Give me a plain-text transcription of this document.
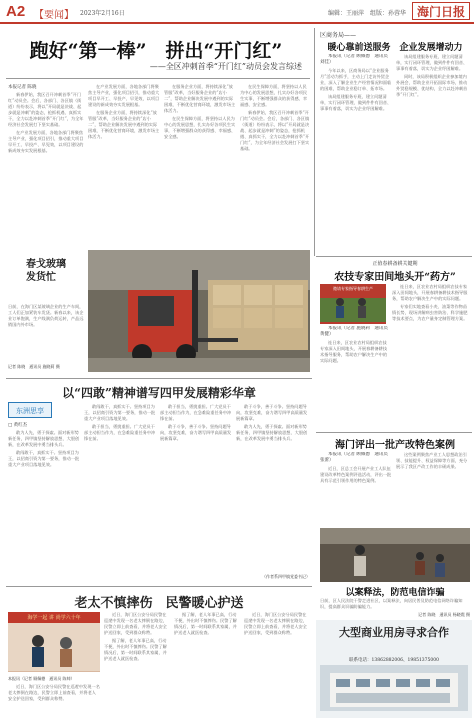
A2 【要闻】 2023年2月16日	编辑：王丽萍　组版：孙蓉华 海门日报
跑好“第一棒”　拼出“开门红”
——全区冲刺首季“开门红”动员会发言综述
本报记者 陈晓

新春伊始，我区召开冲刺首季“开门红”动员会。会后，各部门、各区镇（街道）纷纷表示，将以“开局就是决战、起步就是冲刺”的姿态，抢抓机遇、真抓实干，全力以赴冲刺首季“开门红”，为全年经济社会发展打下坚实基础。

在产业发展方面，各地各部门将聚焦主导产业，强化项目招引，推动重大项目早开工、早投产、早见效，以项目建设的新成效夯实发展根基。

在产业发展方面，各地各部门将聚焦主导产业，强化项目招引，推动重大项目早开工、早投产、早见效，以项目建设的新成效夯实发展根基。

在服务企业方面，将持续深化“放管服”改革，当好服务企业的“店小二”，帮助企业解决发展中遇到的实际困难，不断优化营商环境，激发市场主体活力。

在服务企业方面，将持续深化“放管服”改革，当好服务企业的“店小二”，帮助企业解决发展中遇到的实际困难，不断优化营商环境，激发市场主体活力。

在民生保障方面，将坚持以人民为中心的发展思想，扎实办好各项民生实事，不断增强群众的获得感、幸福感、安全感。

在民生保障方面，将坚持以人民为中心的发展思想，扎实办好各项民生实事，不断增强群众的获得感、幸福感、安全感。

新春伊始，我区召开冲刺首季“开门红”动员会。会后，各部门、各区镇（街道）纷纷表示，将以“开局就是决战、起步就是冲刺”的姿态，抢抓机遇、真抓实干，全力以赴冲刺首季“开门红”，为全年经济社会发展打下坚实基础。

春戈玻璃发货忙
日前，在海门区某玻璃企业的生产车间，工人们正加紧装车发货。新春以来，该企业订单饱满，生产线满负荷运转，产品远销国内外市场。
记者 陈晓　通讯员 施晓莉 摄
区商务局——
暖心靠前送服务　企业发展增动力

本报讯（记者 顾佩德　通讯员 刘佳）

今年以来，区商务局以“企业服务月”活动为抓手，主动上门走访外贸企业，深入了解企业生产经营情况和面临的困难，帮助企业稳订单、拓市场。

该局组建服务专班，建立问题清单，实行闭环管理，做到件件有回音、事事有着落，切实为企业纾困解难。

该局组建服务专班，建立问题清单，实行闭环管理，做到件件有回音、事事有着落，切实为企业纾困解难。

同时，该局积极组织企业参加境内外展会，帮助企业开拓国际市场，推动外贸稳规模、优结构，全力以赴冲刺首季“开门红”。

正值春耕备耕关键期
农技专家田间地头开“药方”
邀请专家指导春耕生产

本报讯（记者 施晓莉　通讯员 黄健）

连日来，区农业农村局组织农技专家深入田间地头，开展春耕备耕技术指导服务，帮助农户解决生产中的实际问题。

连日来，区农业农村局组织农技专家深入田间地头，开展春耕备耕技术指导服务，帮助农户解决生产中的实际问题。

专家们实地查看小麦、油菜等作物苗情长势，现场讲解病虫害防治、科学施肥等技术要点，为农户量身定制管理方案。

海门评出一批产改特色案例

本报讯（记者 顾佩德　通讯员 张蕾）

近日，区总工会开展产业工人队伍建设改革特色案例评选活动，评出一批具有示范引领作用的特色案例。

这些案例聚焦产业工人思想政治引领、技能提升、权益保障等方面，充分展示了我区产改工作的丰硕成果。

以案释法，防范电信诈骗
日前，区人民法院干警走进社区，以案释法，向居民普及防范电信网络诈骗知识，提高群众识骗防骗能力。
记者 陈晓　通讯员 杨晓霞 摄
以“四敢”精神谱写四甲发展精彩华章
东洲思享
□ 黄红杰

敢为人先，勇于探索。面对新形势新任务，四甲镇坚持解放思想、大胆创新，在改革发展中勇当排头兵。

敢闯敢干，真抓实干。坚持项目为王，以招商引资为第一要务，推动一批重大产业项目落地见效。

敢闯敢干，真抓实干。坚持项目为王，以招商引资为第一要务，推动一批重大产业项目落地见效。

敢于担当，勇挑重担。广大党员干部主动担当作为，在急难险重任务中冲锋在前。

敢于担当，勇挑重担。广大党员干部主动担当作为，在急难险重任务中冲锋在前。

敢于斗争，善于斗争。坚持问题导向，攻坚克难，奋力谱写四甲高质量发展新篇章。

敢于斗争，善于斗争。坚持问题导向，攻坚克难，奋力谱写四甲高质量发展新篇章。

敢为人先，勇于探索。面对新形势新任务，四甲镇坚持解放思想、大胆创新，在改革发展中勇当排头兵。

（作者系四甲镇党委书记）
老太不慎摔伤　民警暖心护送
海学一起 讲 尚学六十年
本报讯（记者 顾佩德　通讯员 陈帅）

近日，海门区公安分局民警在巡逻中发现一名老太摔倒在路边，民警立即上前查看，并将老人安全护送回家，受到群众称赞。

近日，海门区公安分局民警在巡逻中发现一名老太摔倒在路边，民警立即上前查看，并将老人安全护送回家，受到群众称赞。

据了解，老人年事已高，行动不便，外出时不慎摔伤。民警了解情况后，第一时间联系其家属，并护送老人就医检查。

据了解，老人年事已高，行动不便，外出时不慎摔伤。民警了解情况后，第一时间联系其家属，并护送老人就医检查。

近日，海门区公安分局民警在巡逻中发现一名老太摔倒在路边，民警立即上前查看，并将老人安全护送回家，受到群众称赞。	大型商业用房寻求合作
联系电话：13862882006、19851375000
